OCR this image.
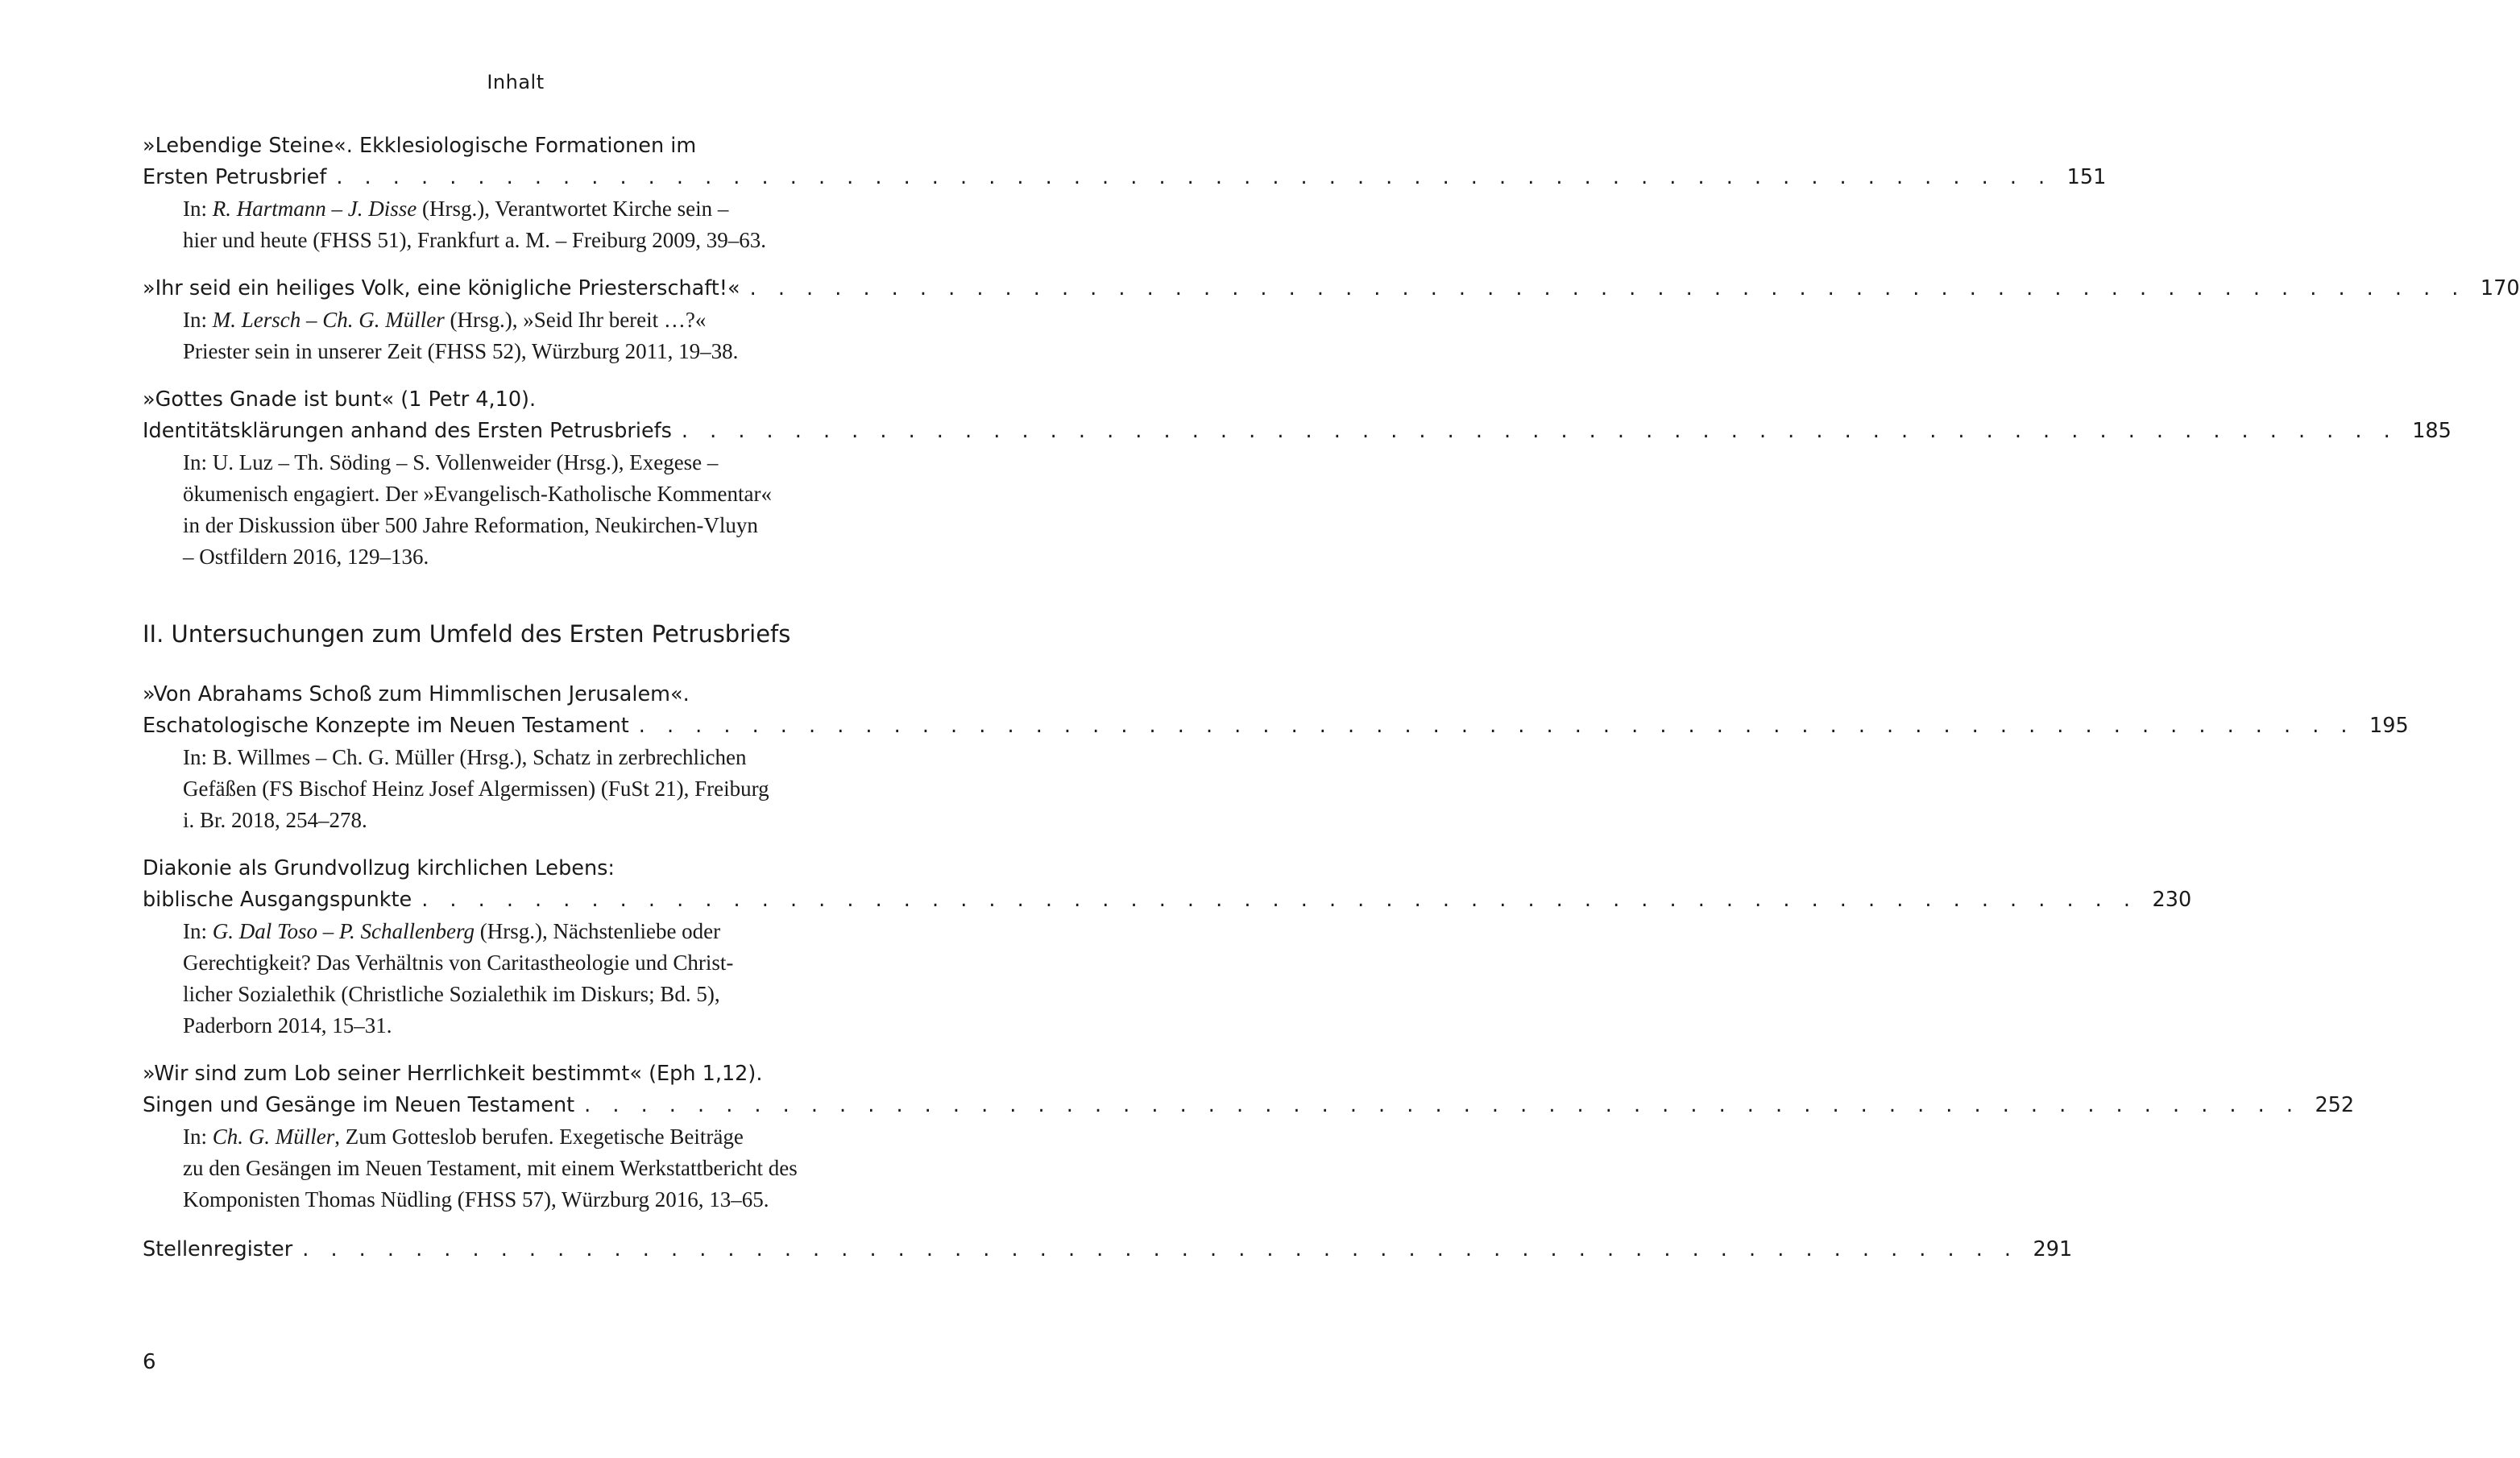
Inhalt
»Lebendige Steine«. Ekklesiologische Formationen im
Ersten Petrusbrief . . . . . . . . . . . . . . . . . . . . . . . . . . . . . . . . . . . . . . . . . . . . . . . . . . . . . . . . . . . . . 151
In: R. Hartmann – J. Disse (Hrsg.), Verantwortet Kirche sein –
hier und heute (FHSS 51), Frankfurt a. M. – Freiburg 2009, 39–63.
»Ihr seid ein heiliges Volk, eine königliche Priesterschaft!« . . . . . . . . . . . . . . . . . . . . . . . . . . . . . . . . . . . . . . . . . . . . . . . . . . . . . . . . . . . . . 170
In: M. Lersch – Ch. G. Müller (Hrsg.), »Seid Ihr bereit …?«
Priester sein in unserer Zeit (FHSS 52), Würzburg 2011, 19–38.
»Gottes Gnade ist bunt« (1 Petr 4,10).
Identitätsklärungen anhand des Ersten Petrusbriefs . . . . . . . . . . . . . . . . . . . . . . . . . . . . . . . . . . . . . . . . . . . . . . . . . . . . . . . . . . . . . 185
In: U. Luz – Th. Söding – S. Vollenweider (Hrsg.), Exegese –
ökumenisch engagiert. Der »Evangelisch-Katholische Kommentar«
in der Diskussion über 500 Jahre Reformation, Neukirchen-Vluyn
– Ostfildern 2016, 129–136.
II. Untersuchungen zum Umfeld des Ersten Petrusbriefs
»Von Abrahams Schoß zum Himmlischen Jerusalem«.
Eschatologische Konzepte im Neuen Testament . . . . . . . . . . . . . . . . . . . . . . . . . . . . . . . . . . . . . . . . . . . . . . . . . . . . . . . . . . . . . 195
In: B. Willmes – Ch. G. Müller (Hrsg.), Schatz in zerbrechlichen
Gefäßen (FS Bischof Heinz Josef Algermissen) (FuSt 21), Freiburg
i. Br. 2018, 254–278.
Diakonie als Grundvollzug kirchlichen Lebens:
biblische Ausgangspunkte . . . . . . . . . . . . . . . . . . . . . . . . . . . . . . . . . . . . . . . . . . . . . . . . . . . . . . . . . . . . . 230
In: G. Dal Toso – P. Schallenberg (Hrsg.), Nächstenliebe oder
Gerechtigkeit? Das Verhältnis von Caritastheologie und Christ-
licher Sozialethik (Christliche Sozialethik im Diskurs; Bd. 5),
Paderborn 2014, 15–31.
»Wir sind zum Lob seiner Herrlichkeit bestimmt« (Eph 1,12).
Singen und Gesänge im Neuen Testament . . . . . . . . . . . . . . . . . . . . . . . . . . . . . . . . . . . . . . . . . . . . . . . . . . . . . . . . . . . . . 252
In: Ch. G. Müller, Zum Gotteslob berufen. Exegetische Beiträge
zu den Gesängen im Neuen Testament, mit einem Werkstattbericht des
Komponisten Thomas Nüdling (FHSS 57), Würzburg 2016, 13–65.
Stellenregister . . . . . . . . . . . . . . . . . . . . . . . . . . . . . . . . . . . . . . . . . . . . . . . . . . . . . . . . . . . . . 291
6
